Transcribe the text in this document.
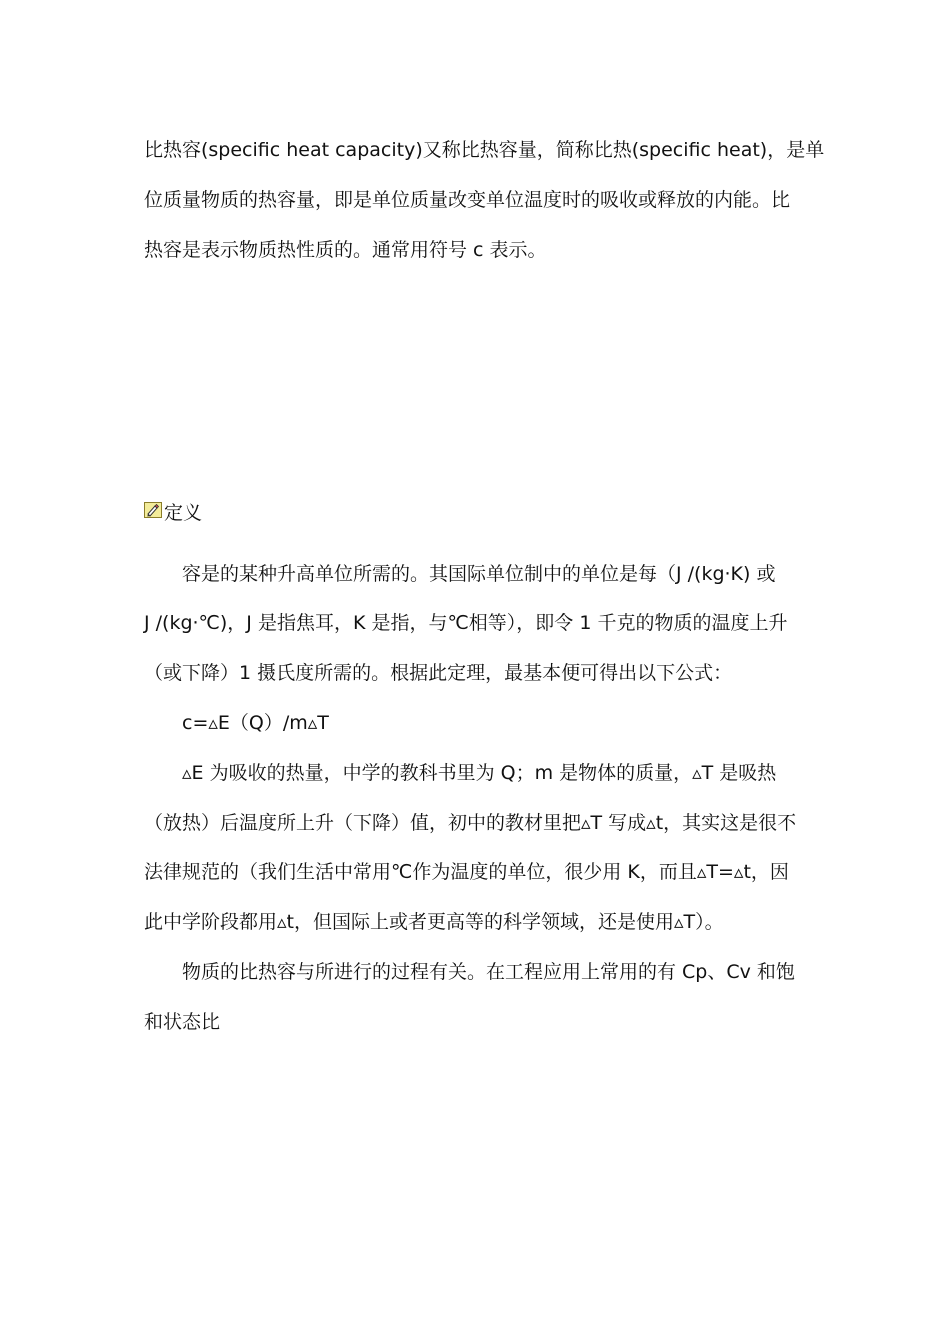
比热容(specific heat capacity)又称比热容量，简称比热(specific heat)，是单
位质量物质的热容量，即是单位质量改变单位温度时的吸收或释放的内能。比
热容是表示物质热性质的。通常用符号 c 表示。
定义
容是的某种升高单位所需的。其国际单位制中的单位是每（J /(kg·K) 或
J /(kg·℃)，J 是指焦耳，K 是指，与℃相等），即令 1 千克的物质的温度上升
（或下降）1 摄氏度所需的。根据此定理，最基本便可得出以下公式：
c=▵E（Q）/m▵T
▵E 为吸收的热量，中学的教科书里为 Q；m 是物体的质量，▵T 是吸热
（放热）后温度所上升（下降）值，初中的教材里把▵T 写成▵t，其实这是很不
法律规范的（我们生活中常用℃作为温度的单位，很少用 K，而且▵T=▵t，因
此中学阶段都用▵t，但国际上或者更高等的科学领域，还是使用▵T）。
物质的比热容与所进行的过程有关。在工程应用上常用的有 Cp、Cv 和饱
和状态比
